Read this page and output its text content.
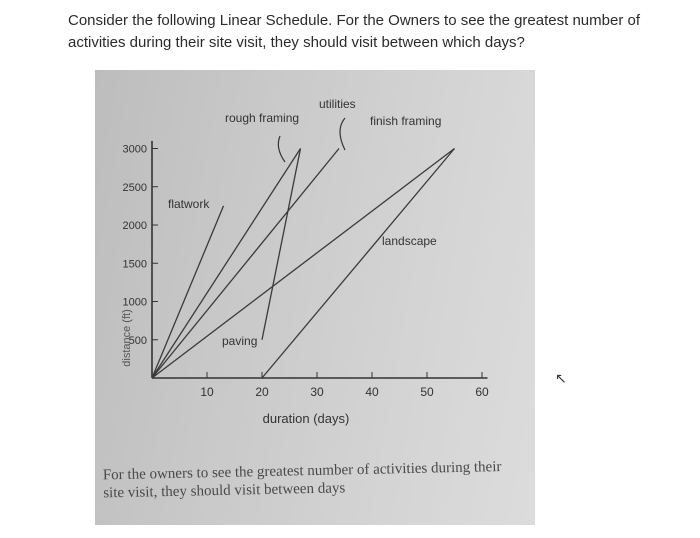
Consider the following Linear Schedule. For the Owners to see the greatest number of activities during their site visit, they should visit between which days?
500
1000
1500
2000
2500
3000
10	20	30	40	50	60
duration (days)
flatwork
rough framing
paving
utilities
finish framing
landscape
distance (ft)
For the owners to see the greatest number of activities during their site visit, they should visit between days
↖
